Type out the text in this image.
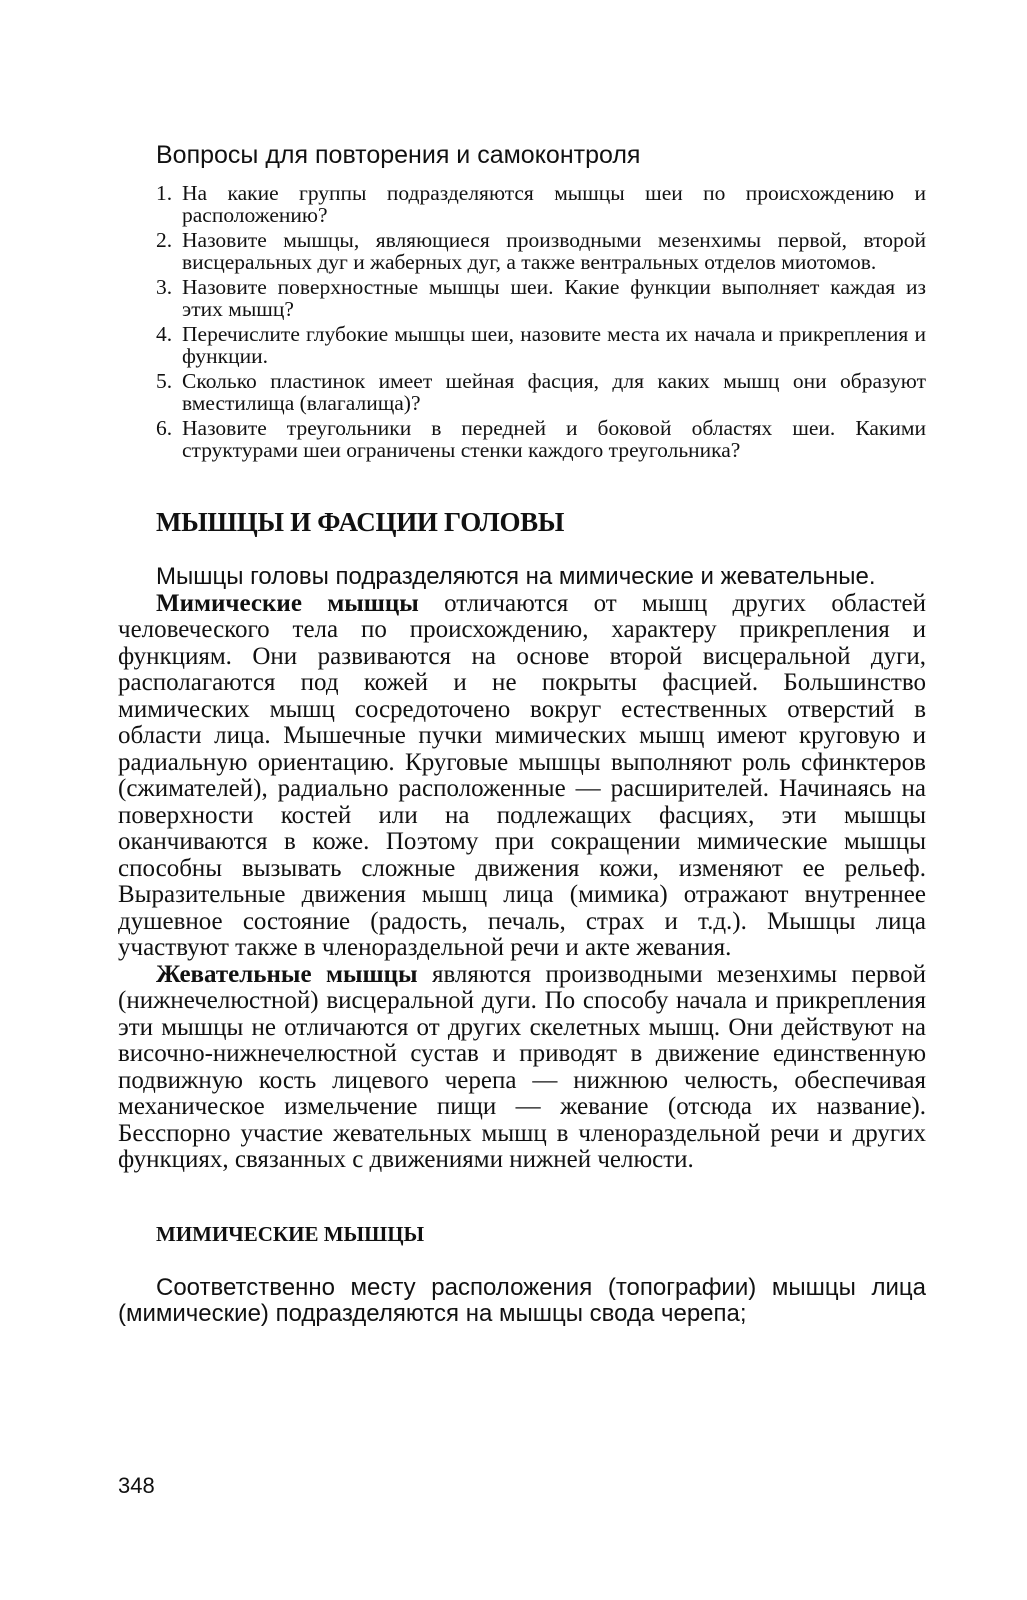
Вопросы для повторения и самоконтроля
1. На какие группы подразделяются мышцы шеи по происхождению и расположению?
2. Назовите мышцы, являющиеся производными мезенхимы первой, второй висцеральных дуг и жаберных дуг, а также вентральных отделов миотомов.
3. Назовите поверхностные мышцы шеи. Какие функции выполняет каждая из этих мышц?
4. Перечислите глубокие мышцы шеи, назовите места их начала и прикрепления и функции.
5. Сколько пластинок имеет шейная фасция, для каких мышц они образуют вместилища (влагалища)?
6. Назовите треугольники в передней и боковой областях шеи. Какими структурами шеи ограничены стенки каждого треугольника?
МЫШЦЫ И ФАСЦИИ ГОЛОВЫ

Мышцы головы подразделяются на мимические и жевательные.

Мимические мышцы отличаются от мышц других областей человеческого тела по происхождению, характеру прикрепления и функциям. Они развиваются на основе второй висцеральной дуги, располагаются под кожей и не покрыты фасцией. Большинство мимических мышц сосредоточено вокруг естественных отверстий в области лица. Мышечные пучки мимических мышц имеют круговую и радиальную ориентацию. Круговые мышцы выполняют роль сфинктеров (сжимателей), радиально расположенные — расширителей. Начинаясь на поверхности костей или на подлежащих фасциях, эти мышцы оканчиваются в коже. Поэтому при сокращении мимические мышцы способны вызывать сложные движения кожи, изменяют ее рельеф. Выразительные движения мышц лица (мимика) отражают внутреннее душевное состояние (радость, печаль, страх и т.д.). Мышцы лица участвуют также в членораздельной речи и акте жевания.

Жевательные мышцы являются производными мезенхимы первой (нижнечелюстной) висцеральной дуги. По способу начала и прикрепления эти мышцы не отличаются от других скелетных мышц. Они действуют на височно-нижнечелюстной сустав и приводят в движение единственную подвижную кость лицевого черепа — нижнюю челюсть, обеспечивая механическое измельчение пищи — жевание (отсюда их название). Бесспорно участие жевательных мышц в членораздельной речи и других функциях, связанных с движениями нижней челюсти.

МИМИЧЕСКИЕ МЫШЦЫ

Соответственно месту расположения (топографии) мышцы лица (мимические) подразделяются на мышцы свода черепа;

348
